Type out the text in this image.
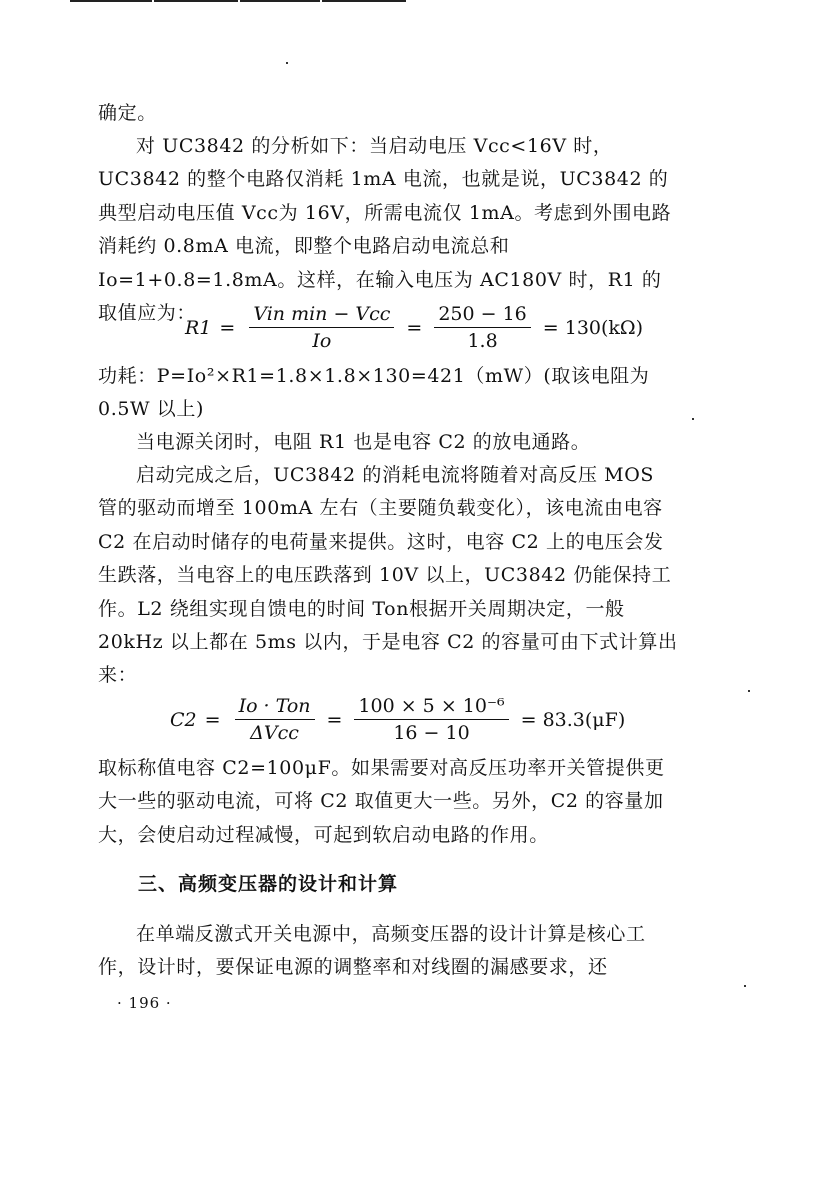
确定。

对 UC3842 的分析如下：当启动电压 Vcc<16V 时，UC3842 的整个电路仅消耗 1mA 电流，也就是说，UC3842 的典型启动电压值 Vcc为 16V，所需电流仅 1mA。考虑到外围电路消耗约 0.8mA 电流，即整个电路启动电流总和 Io=1+0.8=1.8mA。这样，在输入电压为 AC180V 时，R1 的取值应为：

$R1 = \frac{\text{Vin min − Vcc}}{Io} = \frac{250 - 16}{1.8} = 130(k\Omega)$

功耗：P=Io²×R1=1.8×1.8×130=421（mW）(取该电阻为 0.5W 以上)

当电源关闭时，电阻 R1 也是电容 C2 的放电通路。

启动完成之后，UC3842 的消耗电流将随着对高反压 MOS 管的驱动而增至 100mA 左右（主要随负载变化），该电流由电容 C2 在启动时储存的电荷量来提供。这时，电容 C2 上的电压会发生跌落，当电容上的电压跌落到 10V 以上，UC3842 仍能保持工作。L2 绕组实现自馈电的时间 Ton根据开关周期决定，一般 20kHz 以上都在 5ms 以内，于是电容 C2 的容量可由下式计算出来：

$C2 = \frac{\text{Io · Ton}}{\text{ΔVcc}} = \frac{\text{100 × 5 × 10⁻⁶}}{16 - 10} = 83.3(\mu F)$

取标称值电容 C2=100μF。如果需要对高反压功率开关管提供更大一些的驱动电流，可将 C2 取值更大一些。另外，C2 的容量加大，会使启动过程减慢，可起到软启动电路的作用。

三、高频变压器的设计和计算

在单端反激式开关电源中，高频变压器的设计计算是核心工作，设计时，要保证电源的调整率和对线圈的漏感要求，还

· 196 ·
